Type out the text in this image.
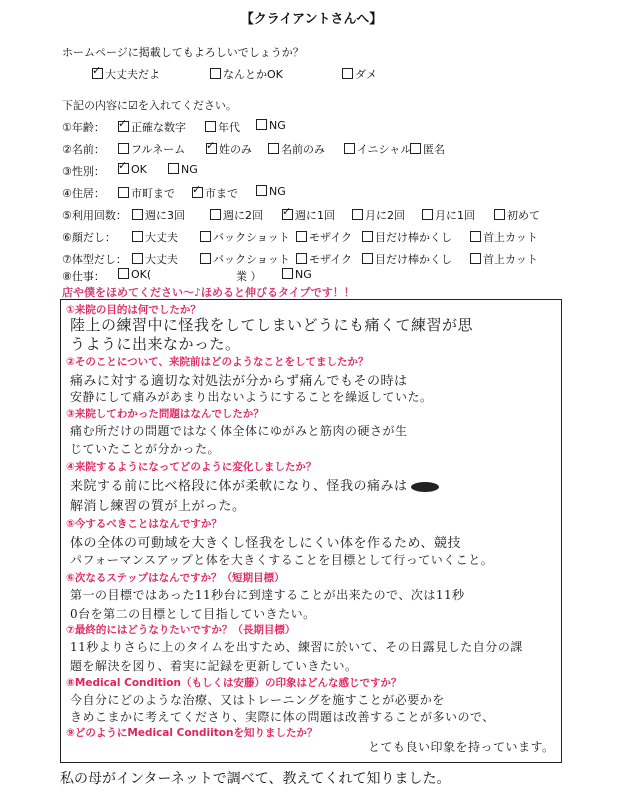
【クライアントさんへ】
ホームページに掲載してもよろしいでしょうか？
✓大丈夫だよ	なんとかOK	ダメ
下記の内容に☑を入れてください。
①年齢： ✓	正確な数字	年代	NG
②名前：	フルネーム ✓	姓のみ	名前のみ	イニシャル	匿名
③性別： ✓	OK	NG
④住居：	市町まで ✓	市まで	NG
⑤利用回数：	週に3回	週に2回 ✓	週に1回	月に2回	月に1回	初めて
⑥顔だし：	大丈夫	バックショット	モザイク	目だけ棒かくし	首上カット
⑦体型だし：	大丈夫	バックショット	モザイク	目だけ棒かくし	首上カット
⑧仕事：	OK(	業 ）	NG
店や僕をほめてください～♪ほめると伸びるタイプです！！
①来院の目的は何でしたか？
陸上の練習中に怪我をしてしまいどうにも痛くて練習が思
うように出来なかった。
②そのことについて、来院前はどのようなことをしてましたか？
痛みに対する適切な対処法が分からず痛んでもその時は
安静にして痛みがあまり出ないようにすることを繰返していた。
③来院してわかった問題はなんでしたか？
痛む所だけの問題ではなく体全体にゆがみと筋肉の硬さが生
じていたことが分かった。
④来院するようになってどのように変化しましたか？
来院する前に比べ格段に体が柔軟になり、怪我の痛みは
解消し練習の質が上がった。
⑤今するべきことはなんですか？
体の全体の可動域を大きくし怪我をしにくい体を作るため、競技
パフォーマンスアップと体を大きくすることを目標として行っていくこと。
⑥次なるステップはなんですか？（短期目標）
第一の目標ではあった11秒台に到達することが出来たので、次は11秒
0台を第二の目標として目指していきたい。
⑦最終的にはどうなりたいですか？（長期目標）
11秒よりさらに上のタイムを出すため、練習に於いて、その日露見した自分の課
題を解決を図り、着実に記録を更新していきたい。
⑧Medical Condition（もしくは安藤）の印象はどんな感じですか？
今自分にどのような治療、又はトレーニングを施すことが必要かを
きめこまかに考えてくださり、実際に体の問題は改善することが多いので、
とても良い印象を持っています。
⑨どのようにMedical Condiitonを知りましたか？
私の母がインターネットで調べて、教えてくれて知りました。
